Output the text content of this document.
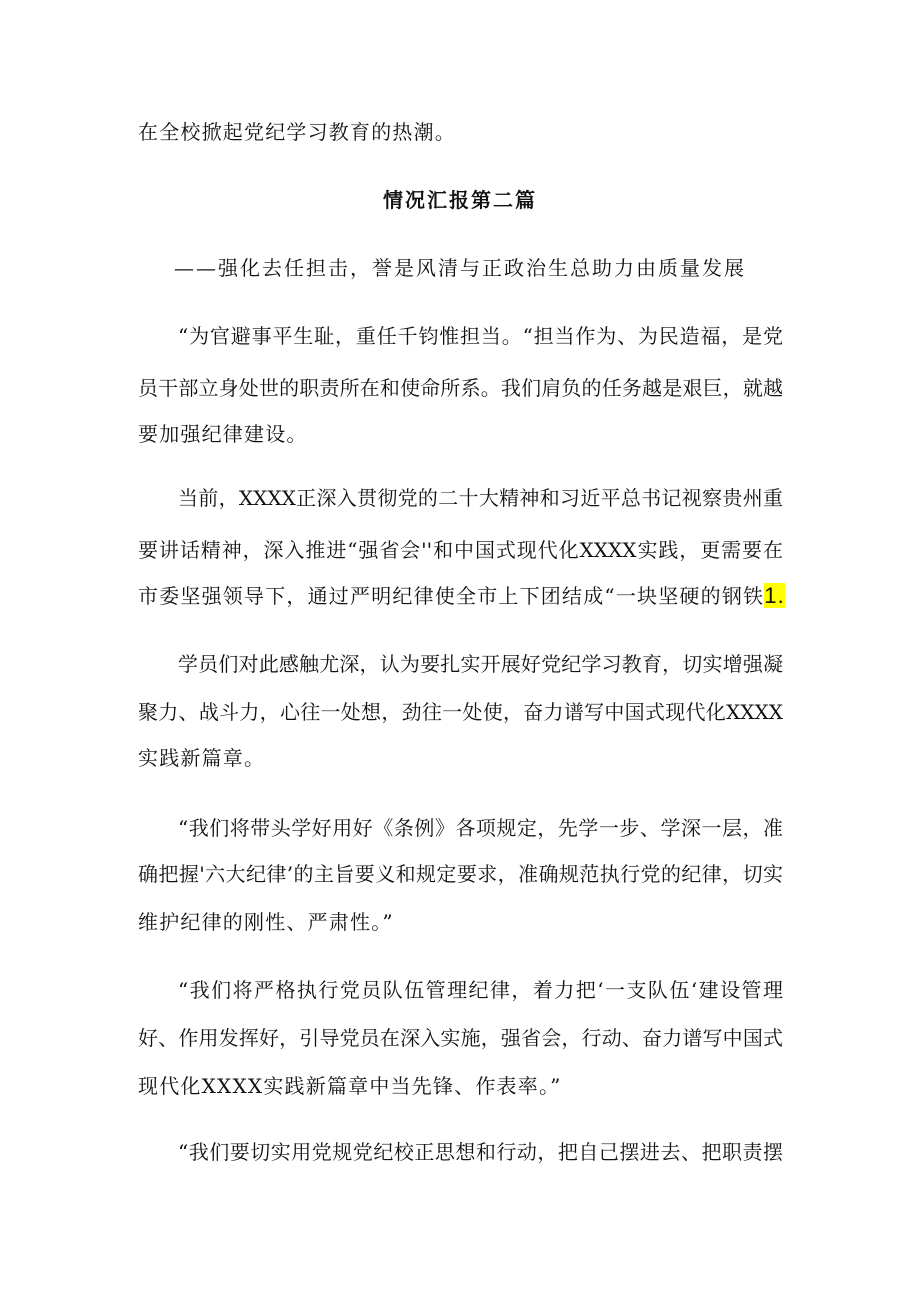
在全校掀起党纪学习教育的热潮。
情况汇报第二篇
——强化去任担击，誉是风清与正政治生总助力由质量发展
“为官避事平生耻，重任千钧惟担当。“担当作为、为民造福，是党
员干部立身处世的职责所在和使命所系。我们肩负的任务越是艰巨，就越
要加强纪律建设。
当前，XXXX正深入贯彻党的二十大精神和习近平总书记视察贵州重
要讲话精神，深入推进“强省会''和中国式现代化XXXX实践，更需要在
市委坚强领导下，通过严明纪律使全市上下团结成“一块坚硬的钢铁1.
学员们对此感触尤深，认为要扎实开展好党纪学习教育，切实增强凝
聚力、战斗力，心往一处想，劲往一处使，奋力谱写中国式现代化XXXX
实践新篇章。
“我们将带头学好用好《条例》各项规定，先学一步、学深一层，准
确把握'六大纪律’的主旨要义和规定要求，准确规范执行党的纪律，切实
维护纪律的刚性、严肃性。”
“我们将严格执行党员队伍管理纪律，着力把‘一支队伍‘建设管理
好、作用发挥好，引导党员在深入实施，强省会，行动、奋力谱写中国式
现代化XXXX实践新篇章中当先锋、作表率。”
“我们要切实用党规党纪校正思想和行动，把自己摆进去、把职责摆
